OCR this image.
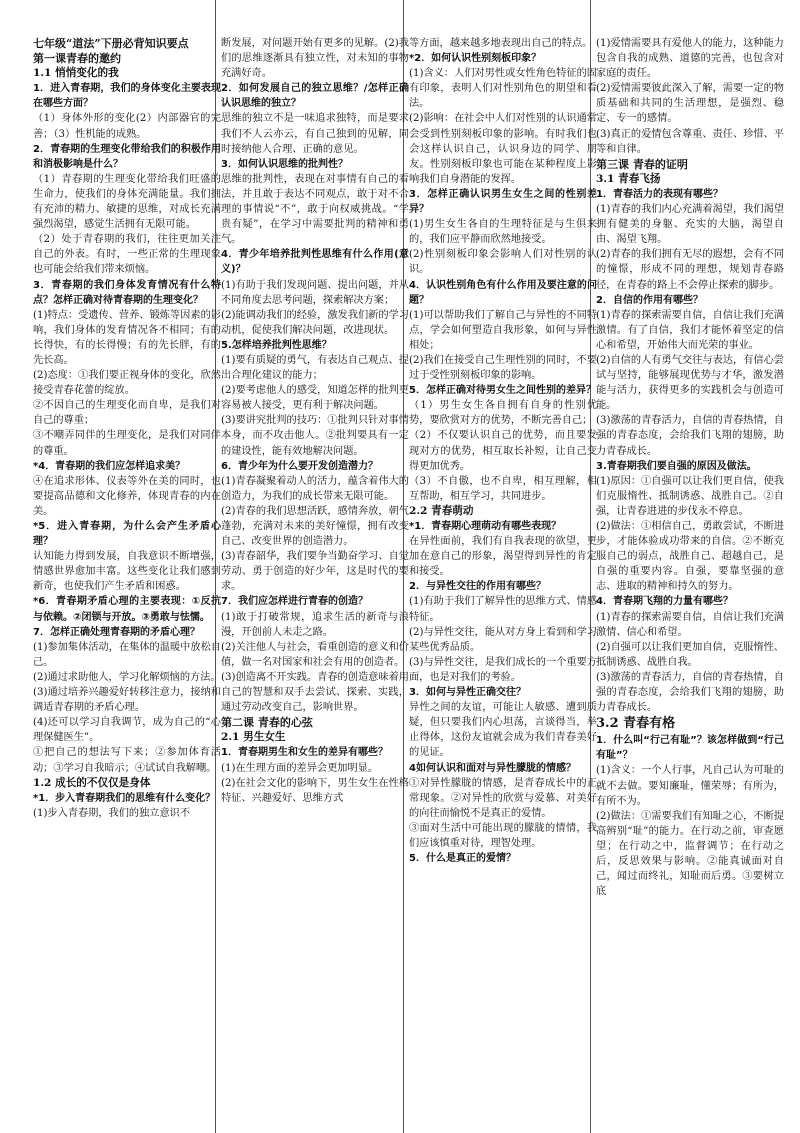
七年级“道法”下册必背知识要点

第一课青春的邀约

1.1 悄悄变化的我

1．进入青春期，我们的身体变化主要表现在哪些方面？

（1）身体外形的变化(2）内部器官的完善；（3）性机能的成熟。

2．青春期的生理变化带给我们的积极作用和消极影响是什么？

（1）青春期的生理变化带给我们旺盛的生命力，使我们的身体充满能量。我们拥有充沛的精力、敏捷的思维，对成长充满强烈渴望，感觉生活拥有无限可能。

（2）处于青春期的我们，往往更加关注自己的外表。有时，一些正常的生理现象也可能会给我们带来烦恼。

3．青春期的我们身体发育情况有什么特点？怎样正确对待青春期的生理变化？

(1)特点：受遗传、营养、锻炼等因素的影响，我们身体的发育情况各不相同；有的长得快，有的长得慢；有的先长胖，有的先长高。

(2)态度：①我们要正视身体的变化，欣然接受青春花蕾的绽放。

②不因自己的生理变化而自卑，是我们对自己的尊重；

③不嘲弄同伴的生理变化，是我们对同伴的尊重。

*4．青春期的我们应怎样追求美？

④在追求形体、仪表等外在美的同时，也要提高品德和文化修养，体现青春的内在美。

*5．进入青春期，为什么会产生矛盾心理？

认知能力得到发展，自我意识不断增强，情感世界愈加丰富。这些变化让我们感到新奇，也使我们产生矛盾和困惑。

*6．青春期矛盾心理的主要表现：①反抗与依赖。②闭锁与开放。③勇敢与怯懦。

7．怎样正确处理青春期的矛盾心理？

(1)参加集体活动，在集体的温暖中放松自己。

(2)通过求助他人，学习化解烦恼的方法。

(3)通过培养兴趣爱好转移注意力，接纳和调适青春期的矛盾心理。

(4)还可以学习自我调节，成为自己的“心理保健医生”。

①把自己的想法写下来；②参加体育活动；③学习自我暗示；④试试自我解嘲。

1.2 成长的不仅仅是身体

*1．步入青春期我们的思维有什么变化？

(1)步入青春期，我们的独立意识不

断发展，对问题开始有更多的见解。(2)我们的思维逐渐具有独立性，对未知的事物充满好奇。

2．如何发展自己的独立思维？/怎样正确认识思维的独立？

思维的独立不是一味追求独特，而是要求我们不人云亦云，有自己独到的见解，同时接纳他人合理、正确的意见。

3．如何认识思维的批判性？

思维的批判性，表现在对事情有自己的看法，并且敢于表达不同观点，敢于对不合理的事情说“不”，敢于向权威挑战。“学贵有疑”，在学习中需要批判的精神和勇气。

4．青少年培养批判性思维有什么作用(意义)？

(1)有助于我们发现问题、提出问题，并从不同角度去思考问题，探索解决方案；

(2)能调动我们的经验，激发我们新的学习动机，促使我们解决问题，改进现状。

5.怎样培养批判性思维？

(1)要有质疑的勇气，有表达自己观点、提出合理化建议的能力；

(2)要考虑他人的感受，知道怎样的批判更容易被人接受，更有利于解决问题。

(3)要讲究批判的技巧：①批判只针对事情本身，而不攻击他人。②批判要具有一定的建设性，能有效地解决问题。

6．青少年为什么要开发创造潜力？

(1)青春凝聚着动人的活力，蕴含着伟大的创造力，为我们的成长带来无限可能。

(2)青春的我们思想活跃，感情奔放，朝气蓬勃，充满对未来的美好憧憬，拥有改变自己、改变世界的创造潜力。

(3)青春韶华，我们要争当勤奋学习、自觉劳动、勇于创造的好少年，这是时代的要求。

7．我们应怎样进行青春的创造？

(1)敢于打破常规，追求生活的新奇与浪漫，开创前人未走之路。

(2)关注他人与社会，看重创造的意义和价值，做一名对国家和社会有用的创造者。

(3)创造离不开实践。青春的创造意味着用自己的智慧和双手去尝试、探索、实践，通过劳动改变自己，影响世界。

第二课 青春的心弦

2.1 男生女生

1．青春期男生和女生的差异有哪些？

(1)在生理方面的差异会更加明显。

(2)在社会文化的影响下，男生女生在性格特征、兴趣爱好、思维方式

等方面，越来越多地表现出自己的特点。

*2．如何认识性别刻板印象？

(1)含义：人们对男性或女性角色特征的固有印象，表明人们对性别角色的期望和看法。

(2)影响：在社会中人们对性别的认识通常会受到性别刻板印象的影响。有时我们也会这样认识自己，认识身边的同学、朋友。性别刻板印象也可能在某种程度上影响我们自身潜能的发挥。

3．怎样正确认识男生女生之间的性别差异？

(1)男生女生各自的生理特征是与生俱来的，我们应平静而欣然地接受。

(2)性别刻板印象会影响人们对性别的认识。

4．认识性别角色有什么作用及要注意的问题？

(1)可以帮助我们了解自己与异性的不同特点，学会如何塑造自我形象，如何与异性相处；

(2)我们在接受自己生理性别的同时，不要过于受性别刻板印象的影响。

5．怎样正确对待男女生之间性别的差异？

（1）男生女生各自拥有自身的性别优势，要欣赏对方的优势，不断完善自己；

（2）不仅要认识自己的优势，而且要发现对方的优势，相互取长补短，让自己变得更加优秀。

（3）不自傲，也不自卑，相互理解，相互帮助，相互学习，共同进步。

2.2 青春萌动

*1．青春期心理萌动有哪些表现？

在异性面前，我们有自我表现的欲望，更加在意自己的形象，渴望得到异性的肯定和接受。

2．与异性交往的作用有哪些？

(1)有助于我们了解异性的思维方式、情感特征。

(2)与异性交往，能从对方身上看到和学习某些优秀品质。

(3)与异性交往，是我们成长的一个重要方面，也是对我们的考验。

3．如何与异性正确交往？

异性之间的友谊，可能让人敏感、遭到质疑，但只要我们内心坦荡，言谈得当，举止得体，这份友谊就会成为我们青春美好的见证。

4如何认识和面对与异性朦胧的情感？

①对异性朦胧的情感，是青春成长中的正常现象。②对异性的欣赏与爱慕、对美好的向往而愉悦不是真正的爱情。

③面对生活中可能出现的朦胧的情情，我们应该慎重对待，理智处理。

5．什么是真正的爱情？

(1)爱情需要具有爱他人的能力，这种能力包含自我的成熟、道德的完善，也包含对家庭的责任。

(2)爱情需要彼此深入了解，需要一定的物质基础和共同的生活理想，是强烈、稳定、专一的感情。

(3)真正的爱情包含尊重、责任、珍惜、平等和自律。

第三课 青春的证明

3.1 青春飞扬

1．青春活力的表现有哪些？

(1)青春的我们内心充满着渴望，我们渴望拥有健美的身躯、充实的大脑，渴望自由、渴望飞翔。

(2)青春的我们拥有无尽的遐想，会有不同的憧憬，形成不同的理想，规划青春路径，在青春的路上不会停止探索的脚步。

2．自信的作用有哪些？

(1)青春的探索需要自信，自信让我们充满激情。有了自信，我们才能怀着坚定的信心和希望，开始伟大而光荣的事业。

(2)自信的人有勇气交往与表达，有信心尝试与坚持，能够展现优势与才华，激发潜能与活力，获得更多的实践机会与创造可能。

(3)激荡的青春活力，自信的青春热情，自强的青春态度，会给我们飞翔的翅膀，助力青春成长。

3.青春期我们要自强的原因及做法。

(1)原因：①自强可以让我们更自信，使我们克服惰性、抵制诱惑、战胜自己。②自强，让青春进进的步伐永不停息。

(2)做法：①相信自己，勇敢尝试，不断进步，才能体验成功带来的自信。②不断克服自己的弱点，战胜自己、超越自己，是自强的重要内容。自强，要靠坚强的意志、进取的精神和持久的努力。

4．青春期飞翔的力量有哪些？

(1)青春的探索需要自信，自信让我们充满激情、信心和希望。

(2)自强可以让我们更加自信，克服惰性、抵制诱惑、战胜自我。

(3)激荡的青春活力，自信的青春热情，自强的青春态度，会给我们飞翔的翅膀，助力青春成长。

3.2 青春有格

1．什么叫“行己有耻”？该怎样做到“行己有耻”？

(1)含义：一个人行事，凡自己认为可耻的就不去做。要知廉耻，懂荣辱；有所为，有所不为。

(2)做法：①需要我们有知耻之心，不断提高辨别“耻”的能力。在行动之前，审查愿望；在行动之中，监督调节；在行动之后，反思效果与影响。②能真诚面对自己，闻过而终礼，知耻而后勇。③要树立底
